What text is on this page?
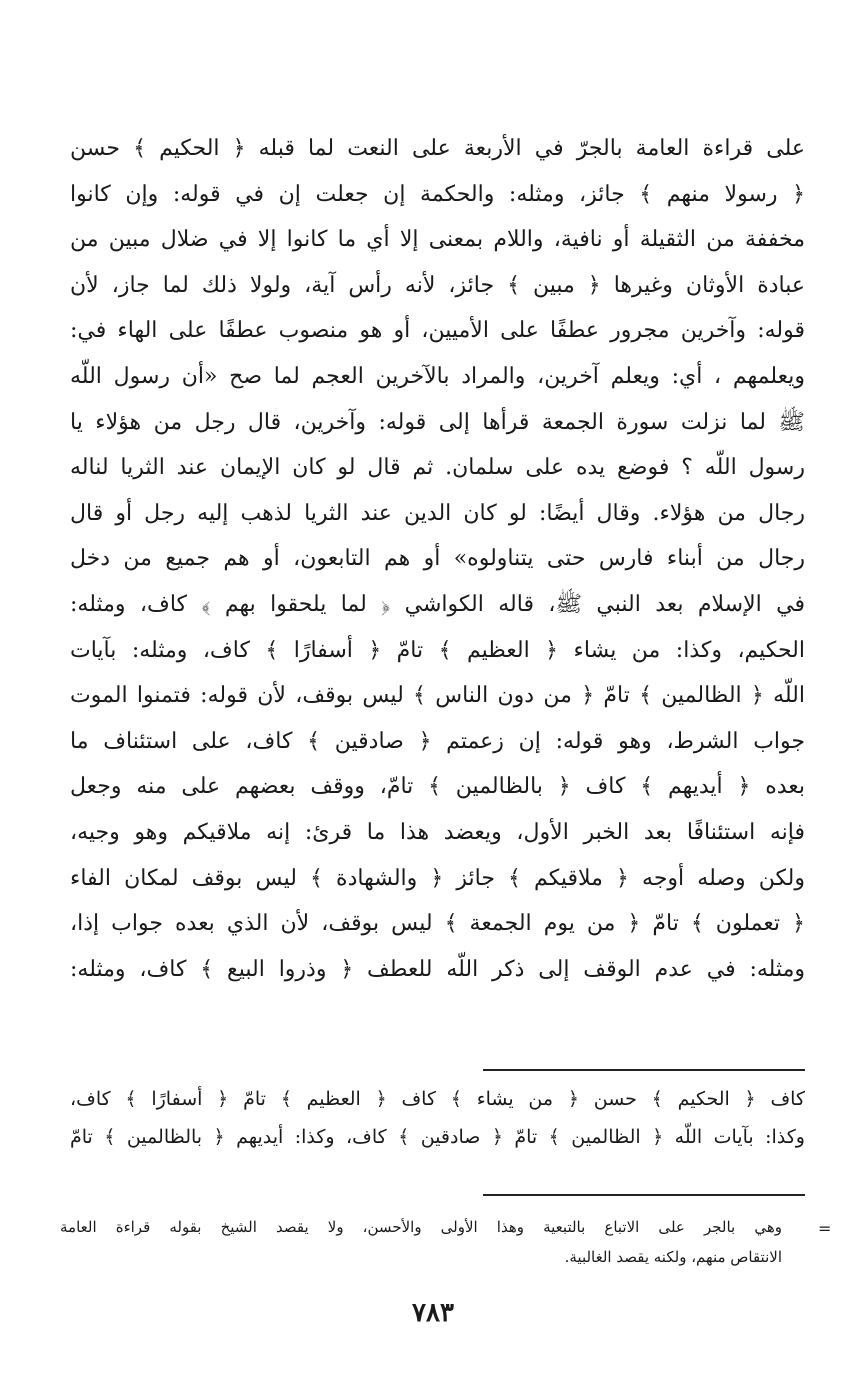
على قراءة العامة بالجرّ في الأربعة على النعت لما قبله ﴿ الحكيم ﴾ حسن
﴿ رسولا منهم ﴾ جائز، ومثله: والحكمة إن جعلت إن في قوله: وإن كانوا
مخففة من الثقيلة أو نافية، واللام بمعنى إلا أي ما كانوا إلا في ضلال مبين من
عبادة الأوثان وغيرها ﴿ مبين ﴾ جائز، لأنه رأس آية، ولولا ذلك لما جاز، لأن
قوله: وآخرين مجرور عطفًا على الأميين، أو هو منصوب عطفًا على الهاء في:
ويعلمهم ، أي: ويعلم آخرين، والمراد بالآخرين العجم لما صح «أن رسول اللّه
ﷺ لما نزلت سورة الجمعة قرأها إلى قوله: وآخرين، قال رجل من هؤلاء يا
رسول اللّه ؟ فوضع يده على سلمان. ثم قال لو كان الإيمان عند الثريا لناله
رجال من هؤلاء. وقال أيضًا: لو كان الدين عند الثريا لذهب إليه رجل أو قال
رجال من أبناء فارس حتى يتناولوه» أو هم التابعون، أو هم جميع من دخل
في الإسلام بعد النبي ﷺ، قاله الكواشي ﴿ لما يلحقوا بهم ﴾ كاف، ومثله:
الحكيم، وكذا: من يشاء ﴿ العظيم ﴾ تامّ ﴿ أسفارًا ﴾ كاف، ومثله: بآيات
اللّه ﴿ الظالمين ﴾ تامّ ﴿ من دون الناس ﴾ ليس بوقف، لأن قوله: فتمنوا الموت
جواب الشرط، وهو قوله: إن زعمتم ﴿ صادقين ﴾ كاف، على استئناف ما
بعده ﴿ أيديهم ﴾ كاف ﴿ بالظالمين ﴾ تامّ، ووقف بعضهم على منه وجعل
فإنه استئنافًا بعد الخبر الأول، ويعضد هذا ما قرئ: إنه ملاقيكم وهو وجيه،
ولكن وصله أوجه ﴿ ملاقيكم ﴾ جائز ﴿ والشهادة ﴾ ليس بوقف لمكان الفاء
﴿ تعملون ﴾ تامّ ﴿ من يوم الجمعة ﴾ ليس بوقف، لأن الذي بعده جواب إذا،
ومثله: في عدم الوقف إلى ذكر اللّه للعطف ﴿ وذروا البيع ﴾ كاف، ومثله:
كاف ﴿ الحكيم ﴾ حسن ﴿ من يشاء ﴾ كاف ﴿ العظيم ﴾ تامّ ﴿ أسفارًا ﴾ كاف،
وكذا: بآيات اللّه ﴿ الظالمين ﴾ تامّ ﴿ صادقين ﴾ كاف، وكذا: أيديهم ﴿ بالظالمين ﴾ تامّ
=
وهي بالجر على الاتباع بالتبعية وهذا الأولى والأحسن، ولا يقصد الشيخ بقوله قراءة العامة
الانتقاص منهم، ولكنه يقصد الغالبية.
٧٨٣
